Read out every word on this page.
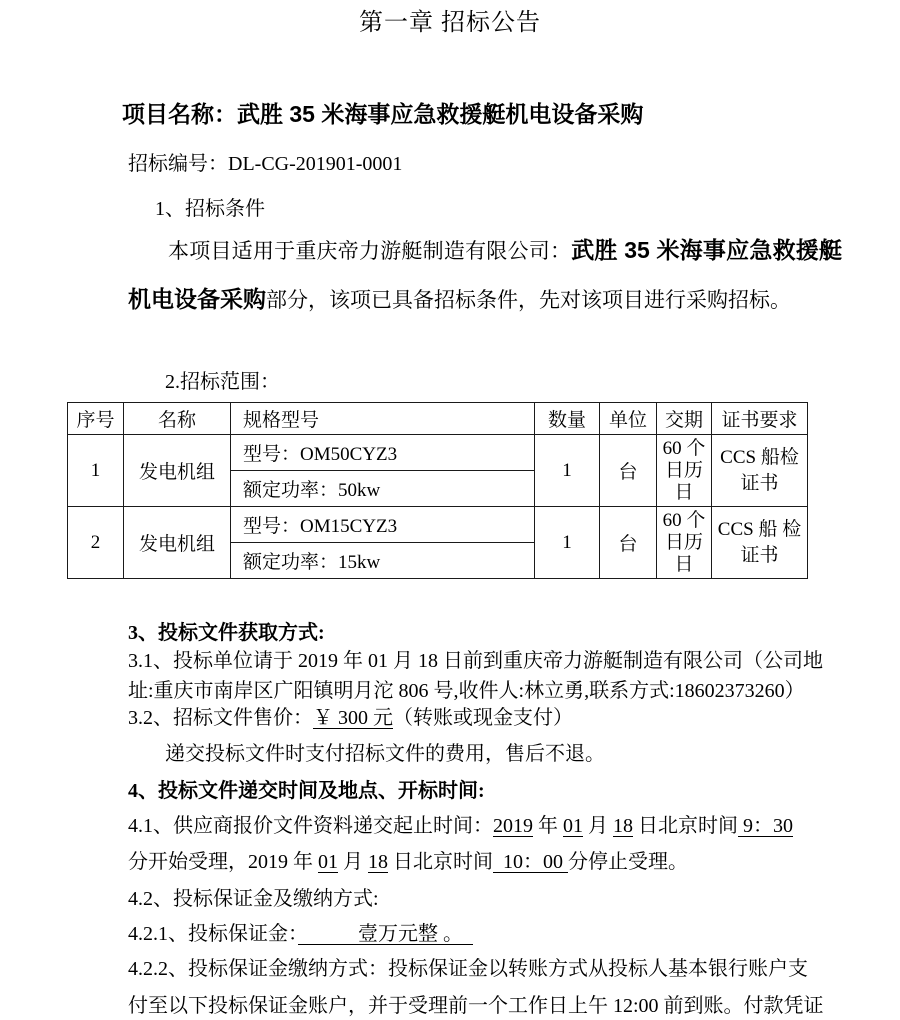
第一章 招标公告
项目名称：武胜 35 米海事应急救援艇机电设备采购
招标编号：DL-CG-201901-0001
1、招标条件
本项目适用于重庆帝力游艇制造有限公司：武胜 35 米海事应急救援艇机电设备采购部分，该项已具备招标条件，先对该项目进行采购招标。
2.招标范围：
序号	名称	规格型号	数量	单位	交期	证书要求
1	发电机组	型号：OM50CYZ3	1	台	60 个日历日	CCS 船检证书
		额定功率：50kw				
2	发电机组	型号：OM15CYZ3	1	台	60 个日历日	CCS 船 检 证书
		额定功率：15kw				
3、投标文件获取方式:
3.1、投标单位请于 2019 年 01 月 18 日前到重庆帝力游艇制造有限公司（公司地
址:重庆市南岸区广阳镇明月沱 806 号,收件人:林立勇,联系方式:18602373260）
3.2、招标文件售价：￥ 300 元（转账或现金支付）
递交投标文件时支付招标文件的费用，售后不退。
4、投标文件递交时间及地点、开标时间:
4.1、供应商报价文件资料递交起止时间：2019 年 01 月 18 日北京时间 9：30
分开始受理，2019 年 01 月 18 日北京时间  10：00 分停止受理。
4.2、投标保证金及缴纳方式:
4.2.1、投标保证金：　　　	壹万元整 。　
4.2.2、投标保证金缴纳方式：投标保证金以转账方式从投标人基本银行账户支
付至以下投标保证金账户，并于受理前一个工作日上午 12:00 前到账。付款凭证
